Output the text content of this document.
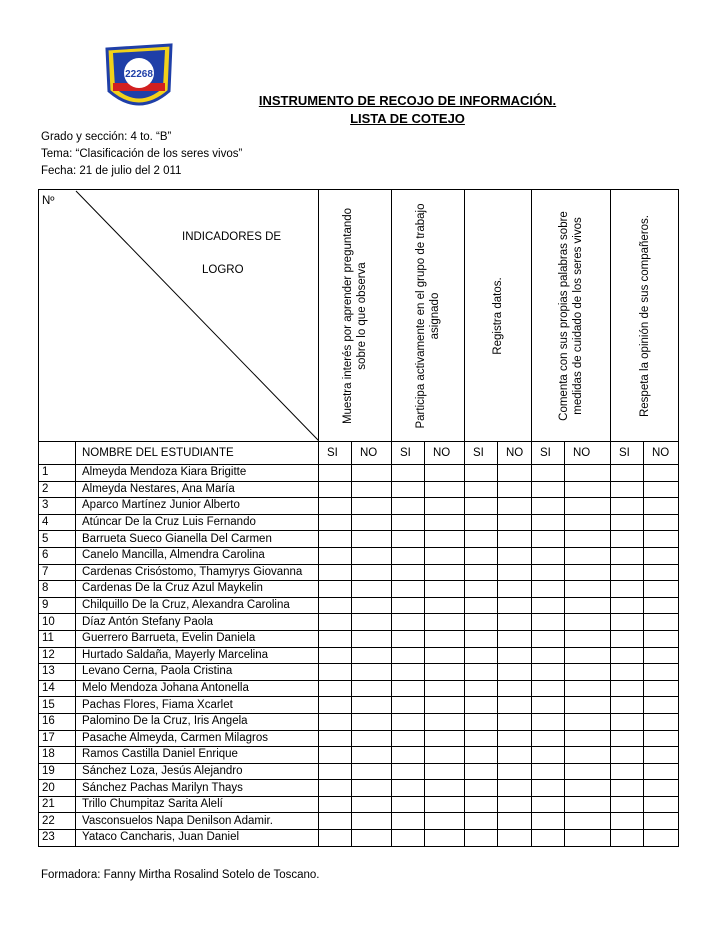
22268
INSTRUMENTO DE RECOJO DE INFORMACIÓN.
LISTA DE COTEJO
Grado y sección: 4 to. “B”
Tema: “Clasificación de los seres vivos”
Fecha: 21 de julio del 2 011
Nº
INDICADORES DE
LOGRO		Muestra interés por aprender preguntando sobre lo que observa		Participa activamente en el grupo de trabajo asignado		Registra datos.		Comenta con sus propias palabras sobre medidas de cuidado de los seres vivos		Respeta la opinión de sus compañeros.	

	NOMBRE DEL ESTUDIANTE	SI	NO	SI	NO	SI	NO	SI	NO	SI	NO
1	Almeyda Mendoza Kiara Brigitte										
2	Almeyda Nestares, Ana María										
3	Aparco Martínez Junior Alberto										
4	Atúncar De la Cruz Luis Fernando										
5	Barrueta Sueco Gianella Del Carmen										
6	Canelo Mancilla, Almendra Carolina										
7	Cardenas Crisóstomo, Thamyrys Giovanna										
8	Cardenas De la Cruz Azul Maykelin										
9	Chilquillo De la Cruz, Alexandra Carolina										
10	Díaz Antón Stefany Paola										
11	Guerrero Barrueta, Evelin Daniela										
12	Hurtado Saldaña, Mayerly Marcelina										
13	Levano Cerna, Paola Cristina										
14	Melo Mendoza Johana Antonella										
15	Pachas Flores, Fiama Xcarlet										
16	Palomino De la Cruz, Iris Angela										
17	Pasache Almeyda, Carmen Milagros										
18	Ramos Castilla Daniel Enrique										
19	Sánchez Loza, Jesús Alejandro										
20	Sánchez Pachas Marilyn Thays										
21	Trillo Chumpitaz Sarita Alelí										
22	Vasconsuelos Napa Denilson Adamir.										
23	Yataco Cancharis, Juan Daniel										
Formadora: Fanny Mirtha Rosalind Sotelo de Toscano.
